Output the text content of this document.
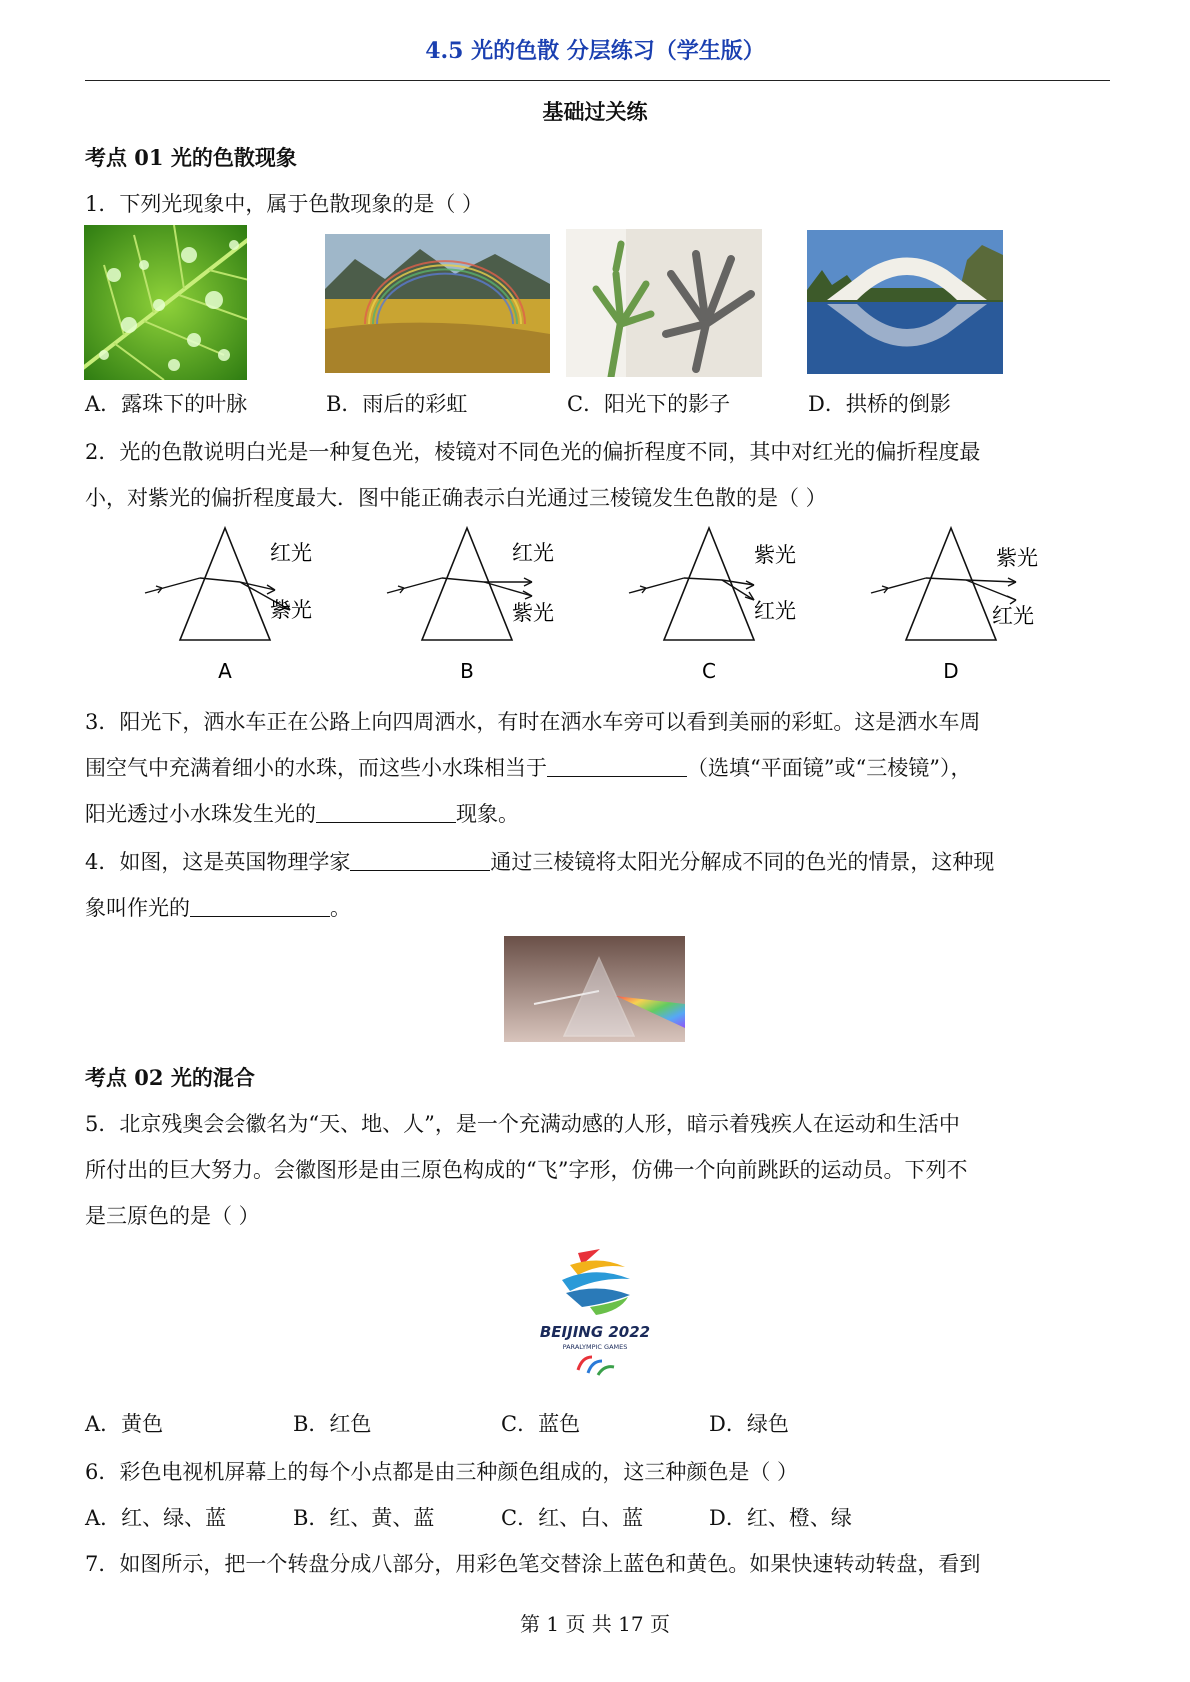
4.5 光的色散 分层练习（学生版）
基础过关练
考点 01 光的色散现象
1．下列光现象中，属于色散现象的是（ ）
A．露珠下的叶脉	B．雨后的彩虹	C．阳光下的影子	D．拱桥的倒影
2．光的色散说明白光是一种复色光，棱镜对不同色光的偏折程度不同，其中对红光的偏折程度最
小，对紫光的偏折程度最大．图中能正确表示白光通过三棱镜发生色散的是（ ）
红光
紫光
A
红光
紫光
B
紫光
红光
C
紫光
红光
D
3．阳光下，洒水车正在公路上向四周洒水，有时在洒水车旁可以看到美丽的彩虹。这是洒水车周
围空气中充满着细小的水珠，而这些小水珠相当于	（选填“平面镜”或“三棱镜”），
阳光透过小水珠发生光的	现象。
4．如图，这是英国物理学家	通过三棱镜将太阳光分解成不同的色光的情景，这种现
象叫作光的	。
考点 02 光的混合
5．北京残奥会会徽名为“天、地、人”，是一个充满动感的人形，暗示着残疾人在运动和生活中
所付出的巨大努力。会徽图形是由三原色构成的“飞”字形，仿佛一个向前跳跃的运动员。下列不
是三原色的是（ ）
BEIJING 2022
PARALYMPIC GAMES
A．黄色	B．红色	C．蓝色	D．绿色
6．彩色电视机屏幕上的每个小点都是由三种颜色组成的，这三种颜色是（ ）
A．红、绿、蓝	B．红、黄、蓝	C．红、白、蓝	D．红、橙、绿
7．如图所示，把一个转盘分成八部分，用彩色笔交替涂上蓝色和黄色。如果快速转动转盘，看到
第 1 页 共 17 页
